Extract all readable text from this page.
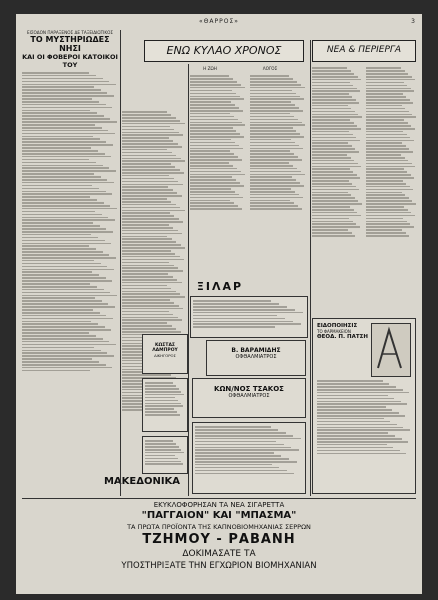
«ΘΑΡΡΟΣ»	3
ΕΙΣΟΔΟΝ ΠΑΡΑΞΕΝΟΣ ΔΕ ΤΑΞΕΙΔΙΩΤΙΚΟΣ
ΤΟ ΜΥΣΤΗΡΙΩΔΕΣ ΝΗΣΙ
ΚΑΙ ΟΙ ΦΟΒΕΡΟΙ ΚΑΤΟΙΚΟΙ ΤΟΥ
ΕΝΩ ΚΥΛΑΟ ΧΡΟΝΟΣ
Η ΖΩΗ	ΛΟΓΟΣ
ΞΙΛΑΡ
Β. ΒΑΡΑΜΙΔΗΣ
ΟΦΘΑΛΜΙΑΤΡΟΣ
ΚΩΝ/ΝΟΣ ΤΣΑΚΟΣ
ΟΦΘΑΛΜΙΑΤΡΟΣ
ΚΩΣΤΑΣ ΛΑΜΠΡΟΥ
ΔΙΚΗΓΟΡΟΣ
ΜΑΚΕΔΟΝΙΚΑ
ΝΕΑ & ΠΕΡΙΕΡΓΑ
ΕΙΔΟΠΟΙΗΣΙΣ
ΤΟ ΦΑΡΜΑΚΕΙΟΝ
ΘΕΟΔ. Π. ΠΑΤΣΗ
ΕΚΥΚΛΟΦΟΡΗΣΑΝ ΤΑ ΝΕΑ ΣΙΓΑΡΕΤΤΑ
"ΠΑΓΓΑΙΟΝ" ΚΑΙ "ΜΠΑΣΜΑ"
ΤΑ ΠΡΩΤΑ ΠΡΟΪΟΝΤΑ ΤΗΣ ΚΑΠΝΟΒΙΟΜΗΧΑΝΙΑΣ ΣΕΡΡΩΝ
ΤΖΗΜΟΥ - ΡΑΒΑΝΗ
ΔΟΚΙΜΑΣΑΤΕ ΤΑ
ΥΠΟΣΤΗΡΙΞΑΤΕ ΤΗΝ ΕΓΧΩΡΙΟΝ ΒΙΟΜΗΧΑΝΙΑΝ
